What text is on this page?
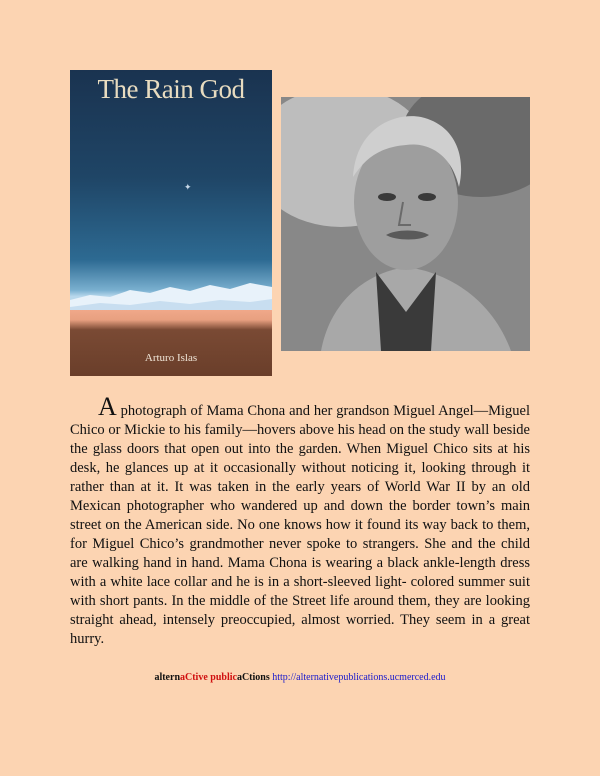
The Rain God
✦
Arturo Islas

A photograph of Mama Chona and her grandson Miguel Angel—Miguel Chico or Mickie to his family—hovers above his head on the study wall beside the glass doors that open out into the garden. When Miguel Chico sits at his desk, he glances up at it occasionally without noticing it, looking through it rather than at it. It was taken in the early years of World War II by an old Mexican photographer who wandered up and down the border town’s main street on the American side. No one knows how it found its way back to them, for Miguel Chico’s grandmother never spoke to strangers. She and the child are walking hand in hand. Mama Chona is wearing a black ankle-length dress with a white lace collar and he is in a short-sleeved light- colored summer suit with short pants. In the middle of the Street life around them, they are looking straight ahead, intensely preoccupied, almost worried. They seem in a great hurry.

alternaCtive publicaCtions http://alternativepublications.ucmerced.edu
